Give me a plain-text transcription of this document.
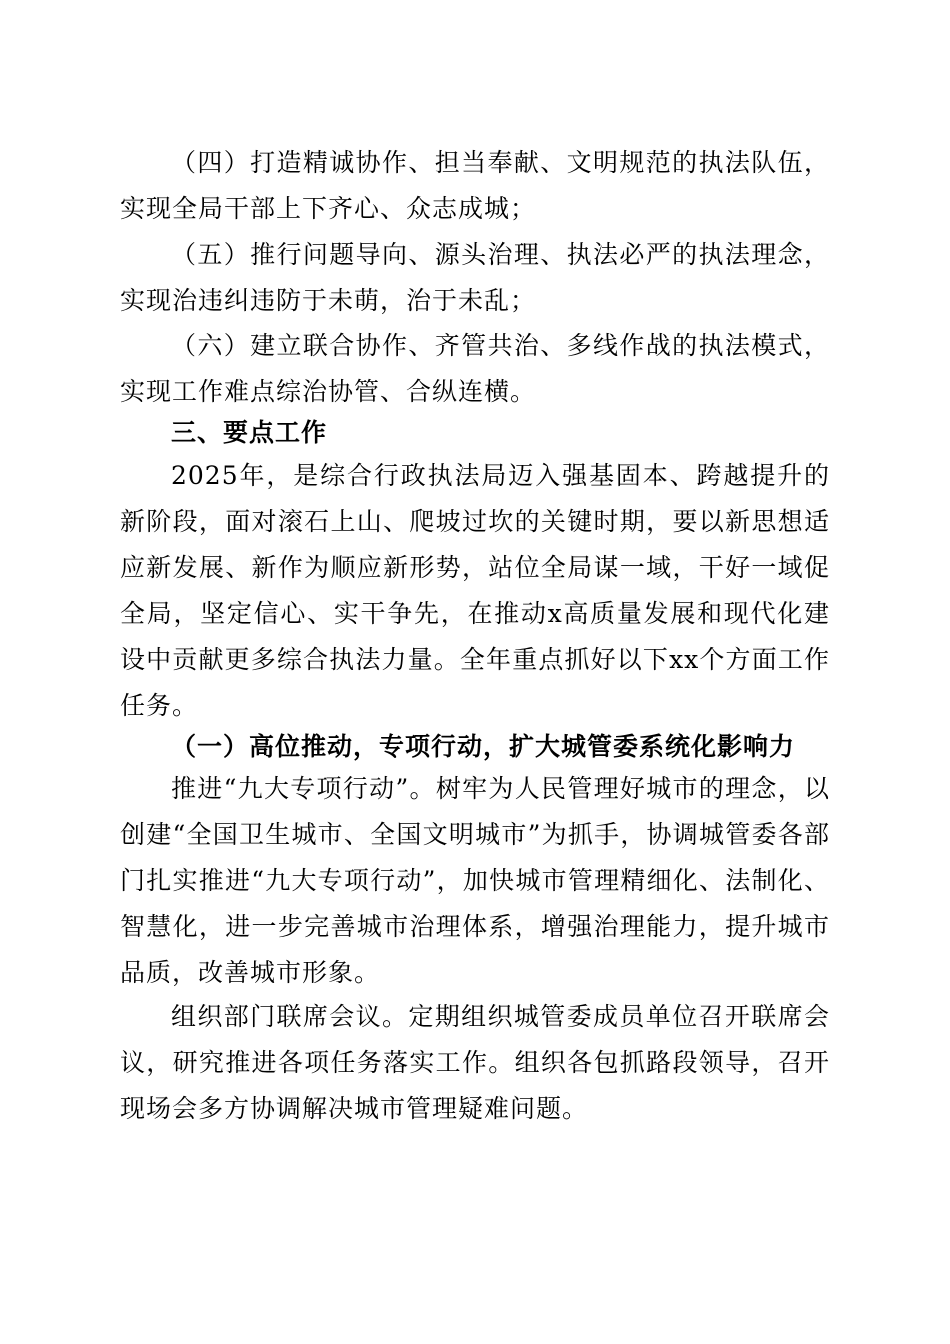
（四）打造精诚协作、担当奉献、文明规范的执法队伍，实现全局干部上下齐心、众志成城；

（五）推行问题导向、源头治理、执法必严的执法理念，实现治违纠违防于未萌，治于未乱；

（六）建立联合协作、齐管共治、多线作战的执法模式，实现工作难点综治协管、合纵连横。

三、要点工作

2025年，是综合行政执法局迈入强基固本、跨越提升的新阶段，面对滚石上山、爬坡过坎的关键时期，要以新思想适应新发展、新作为顺应新形势，站位全局谋一域，干好一域促全局，坚定信心、实干争先，在推动x高质量发展和现代化建设中贡献更多综合执法力量。全年重点抓好以下xx个方面工作任务。

（一）高位推动，专项行动，扩大城管委系统化影响力

推进“九大专项行动”。树牢为人民管理好城市的理念，以创建“全国卫生城市、全国文明城市”为抓手，协调城管委各部门扎实推进“九大专项行动”，加快城市管理精细化、法制化、智慧化，进一步完善城市治理体系，增强治理能力，提升城市品质，改善城市形象。

组织部门联席会议。定期组织城管委成员单位召开联席会议，研究推进各项任务落实工作。组织各包抓路段领导，召开现场会多方协调解决城市管理疑难问题。
